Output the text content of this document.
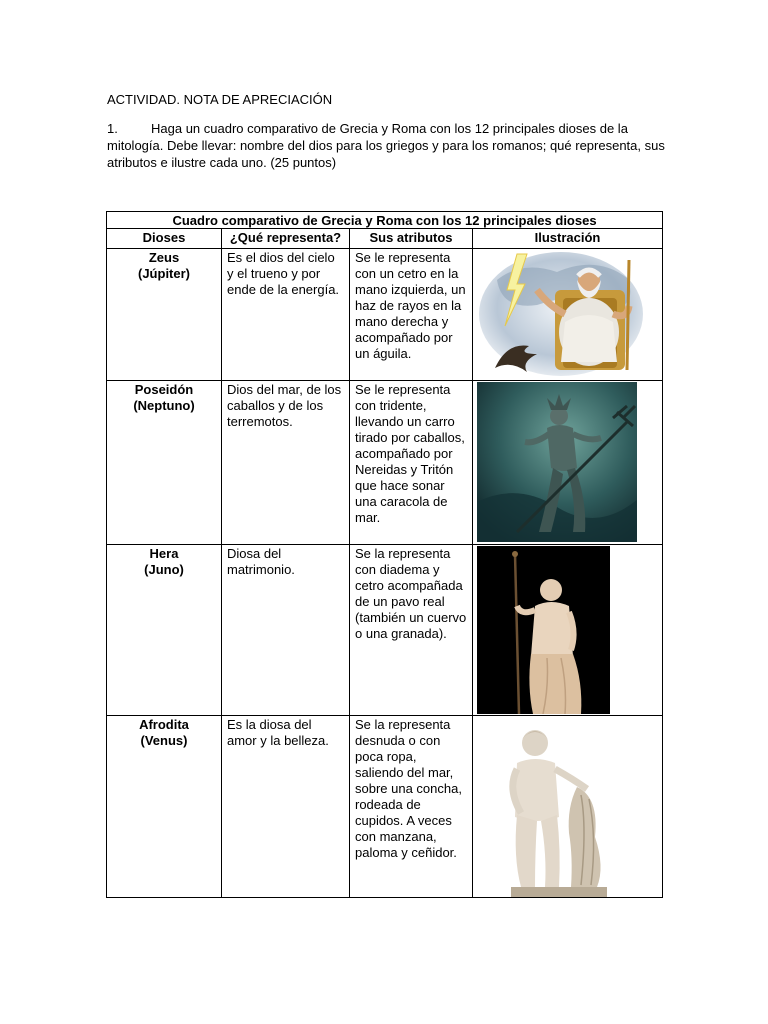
ACTIVIDAD. NOTA DE APRECIACIÓN
1.	Haga un cuadro comparativo de Grecia y Roma con los 12 principales dioses de la mitología. Debe llevar: nombre del dios para los griegos y para los romanos; qué representa, sus atributos e ilustre cada uno. (25 puntos)
Cuadro comparativo de Grecia y Roma con los 12 principales dioses			
Dioses	¿Qué representa?	Sus atributos	Ilustración

Zeus
(Júpiter)	Es el dios del cielo y el trueno y por ende de la energía.	Se le representa con un cetro en la mano izquierda, un haz de rayos en la mano derecha y acompañado por un águila.	

Poseidón
(Neptuno)	Dios del mar, de los caballos y de los terremotos.	Se le representa con tridente, llevando un carro tirado por caballos, acompañado por Nereidas y Tritón que hace sonar una caracola de mar.	

Hera
(Juno)	Diosa del matrimonio.	Se la representa con diadema y cetro acompañada de un pavo real (también un cuervo o una granada).	

Afrodita
(Venus)	Es la diosa del amor y la belleza.	Se la representa desnuda o con poca ropa, saliendo del mar, sobre una concha, rodeada de cupidos. A veces con manzana, paloma y ceñidor.	
